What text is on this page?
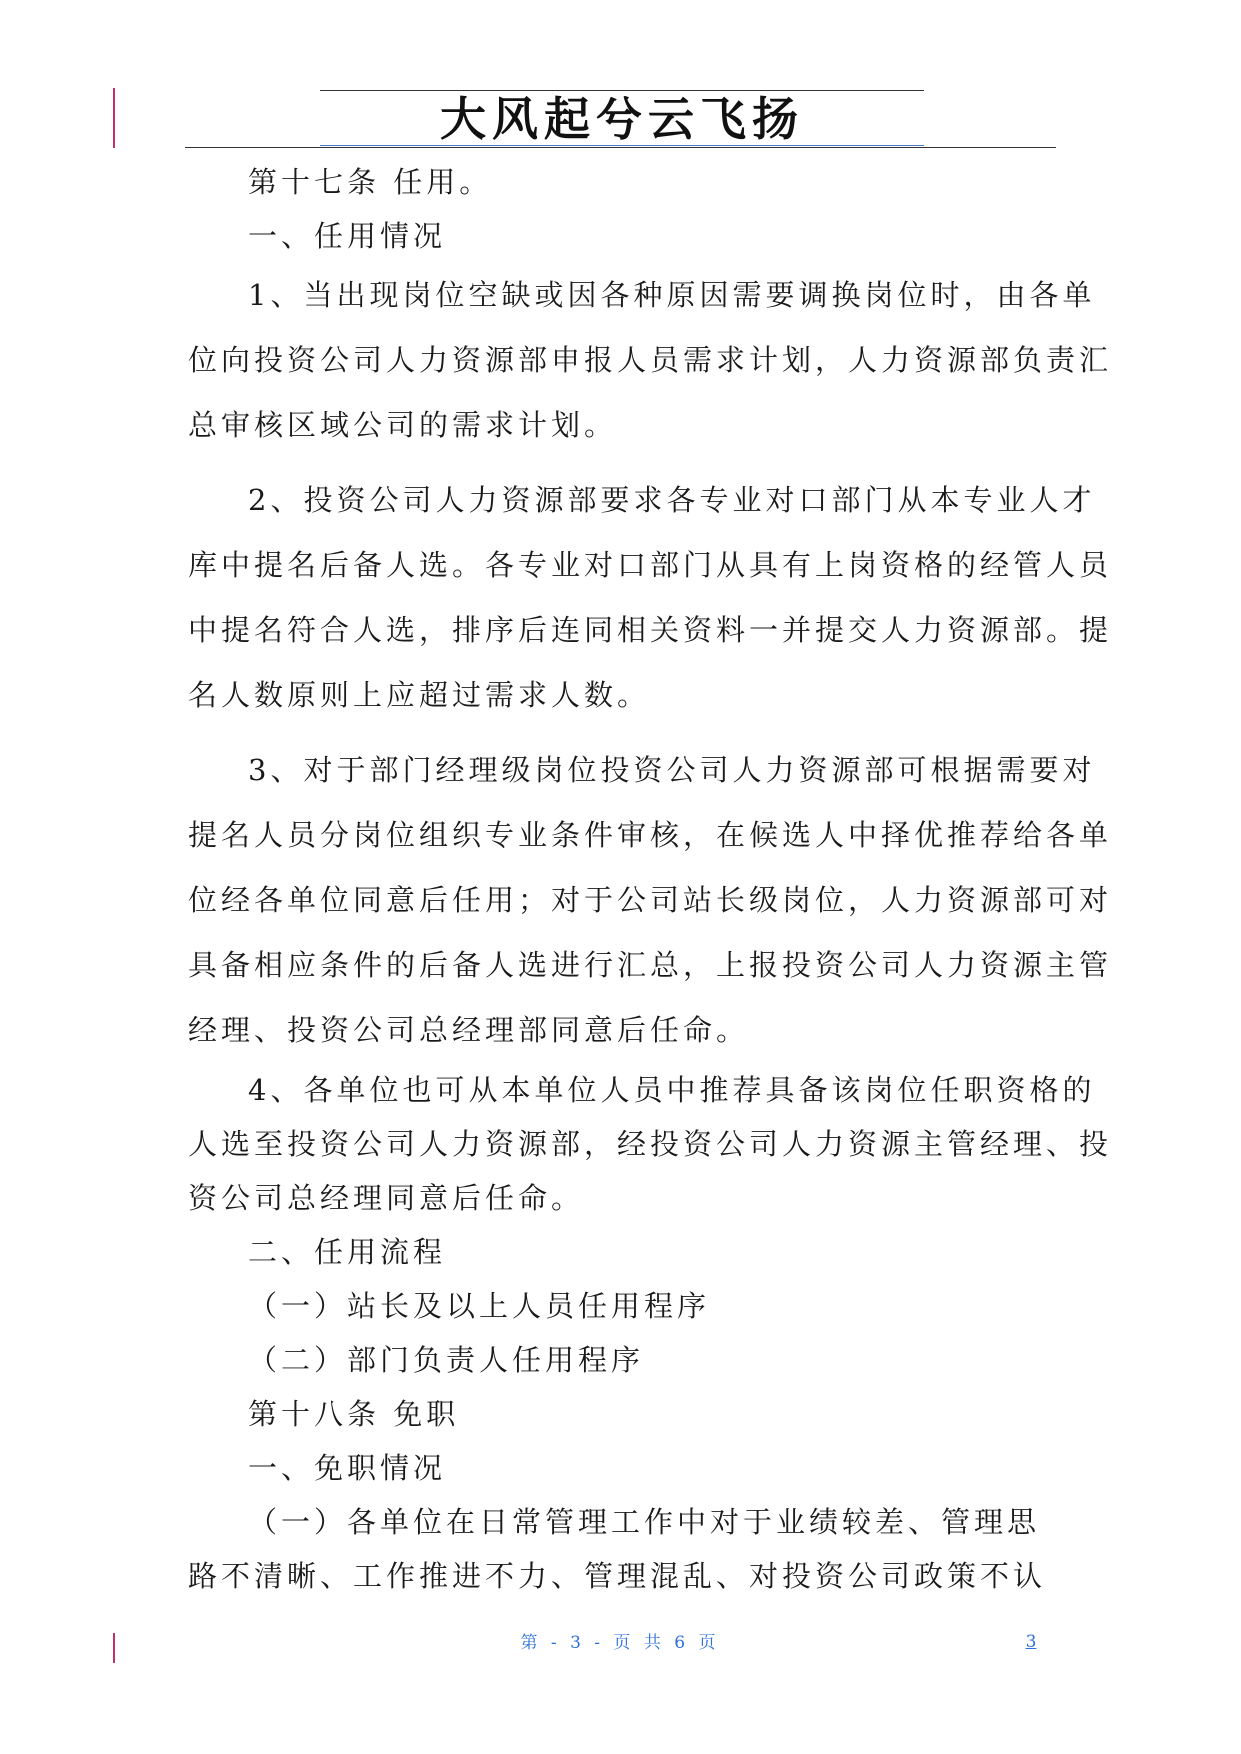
大风起兮云飞扬
第十七条 任用。
一、任用情况
1、当出现岗位空缺或因各种原因需要调换岗位时，由各单
位向投资公司人力资源部申报人员需求计划，人力资源部负责汇
总审核区域公司的需求计划。
2、投资公司人力资源部要求各专业对口部门从本专业人才
库中提名后备人选。各专业对口部门从具有上岗资格的经管人员
中提名符合人选，排序后连同相关资料一并提交人力资源部。提
名人数原则上应超过需求人数。
3、对于部门经理级岗位投资公司人力资源部可根据需要对
提名人员分岗位组织专业条件审核，在候选人中择优推荐给各单
位经各单位同意后任用；对于公司站长级岗位，人力资源部可对
具备相应条件的后备人选进行汇总，上报投资公司人力资源主管
经理、投资公司总经理部同意后任命。
4、各单位也可从本单位人员中推荐具备该岗位任职资格的
人选至投资公司人力资源部，经投资公司人力资源主管经理、投
资公司总经理同意后任命。
二、任用流程
（一）站长及以上人员任用程序
（二）部门负责人任用程序
第十八条 免职
一、免职情况
（一）各单位在日常管理工作中对于业绩较差、管理思
路不清晰、工作推进不力、管理混乱、对投资公司政策不认
第 - 3 - 页 共 6 页	3
